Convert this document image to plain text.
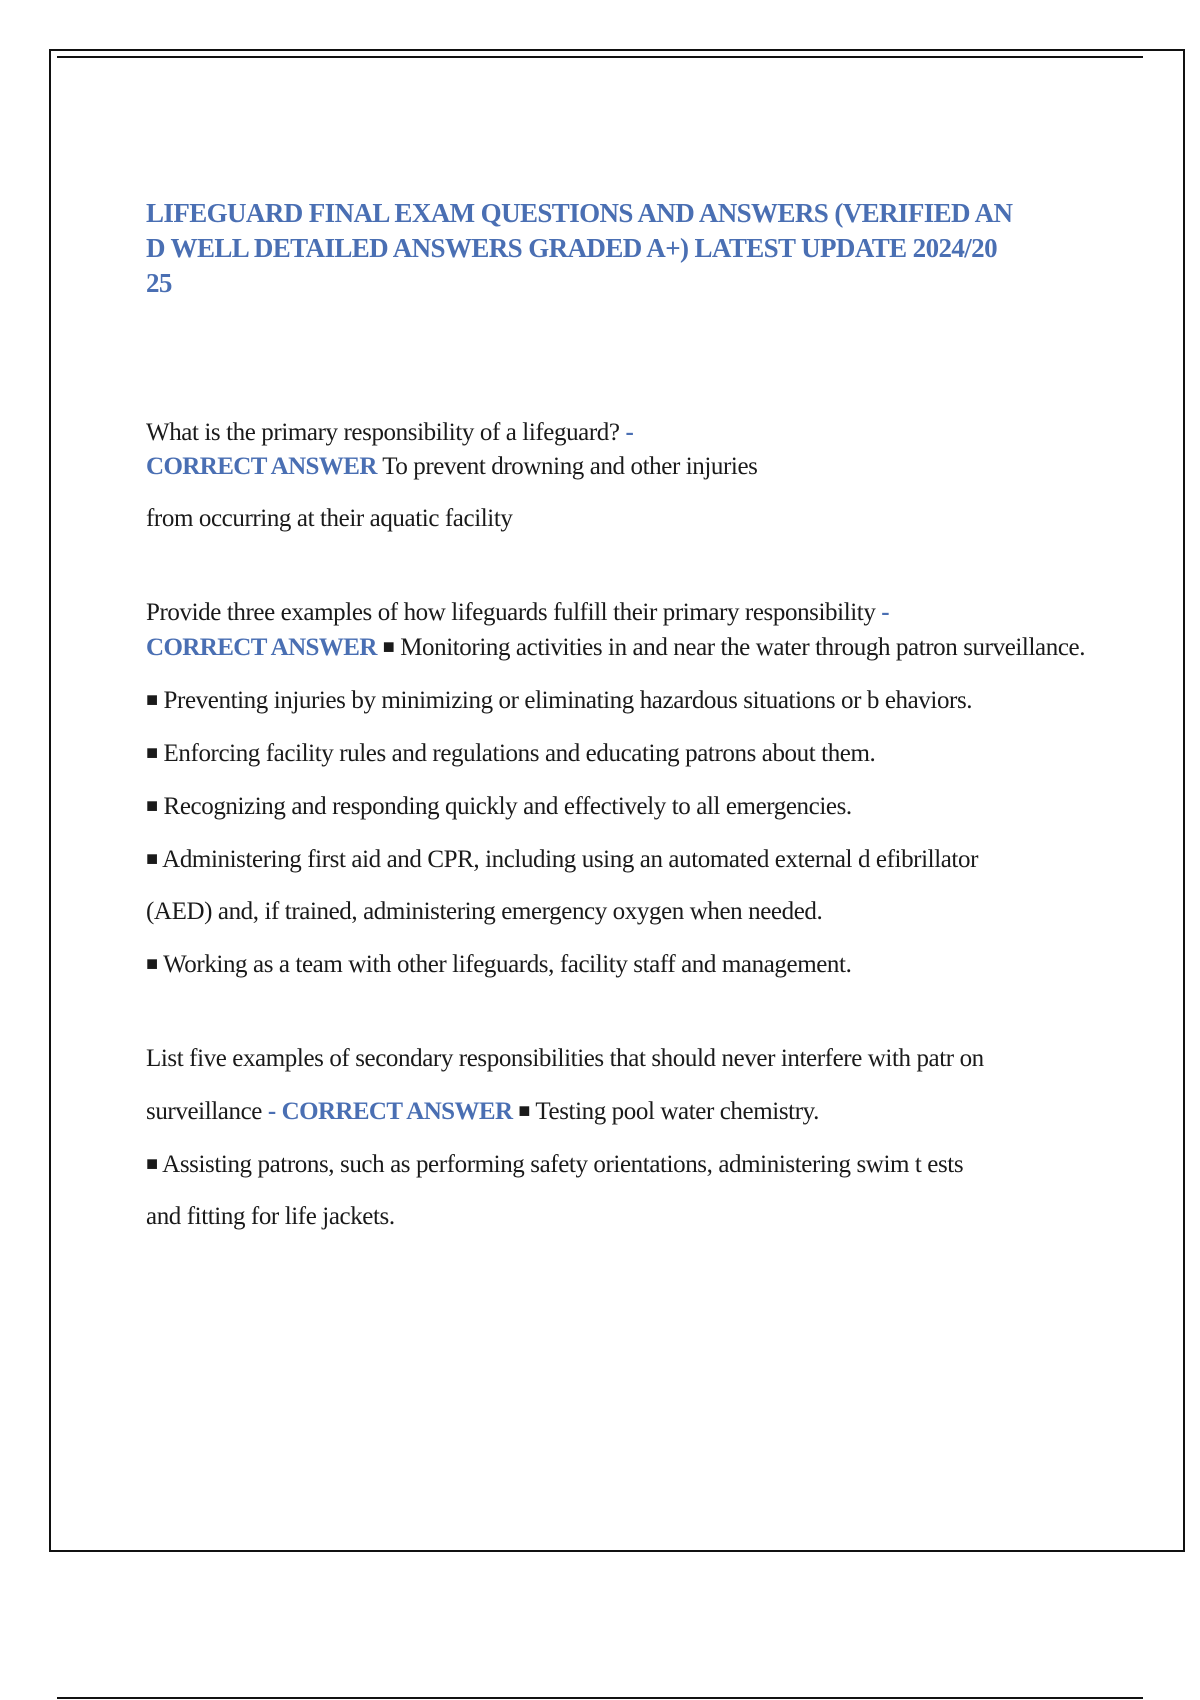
LIFEGUARD FINAL EXAM QUESTIONS AND ANSWERS (VERIFIED AN
D WELL DETAILED ANSWERS GRADED A+) LATEST UPDATE 2024/20
25

What is the primary responsibility of a lifeguard? -
CORRECT ANSWER To prevent drowning and other injuries

from occurring at their aquatic facility

Provide three examples of how lifeguards fulfill their primary responsibility -
CORRECT ANSWER ■ Monitoring activities in and near the water through patron surveillance.

■ Preventing injuries by minimizing or eliminating hazardous situations or b ehaviors.

■ Enforcing facility rules and regulations and educating patrons about them.

■ Recognizing and responding quickly and effectively to all emergencies.

■ Administering first aid and CPR, including using an automated external d efibrillator

(AED) and, if trained, administering emergency oxygen when needed.

■ Working as a team with other lifeguards, facility staff and management.

List five examples of secondary responsibilities that should never interfere with patr on

surveillance - CORRECT ANSWER ■ Testing pool water chemistry.

■ Assisting patrons, such as performing safety orientations, administering swim t ests

and fitting for life jackets.
